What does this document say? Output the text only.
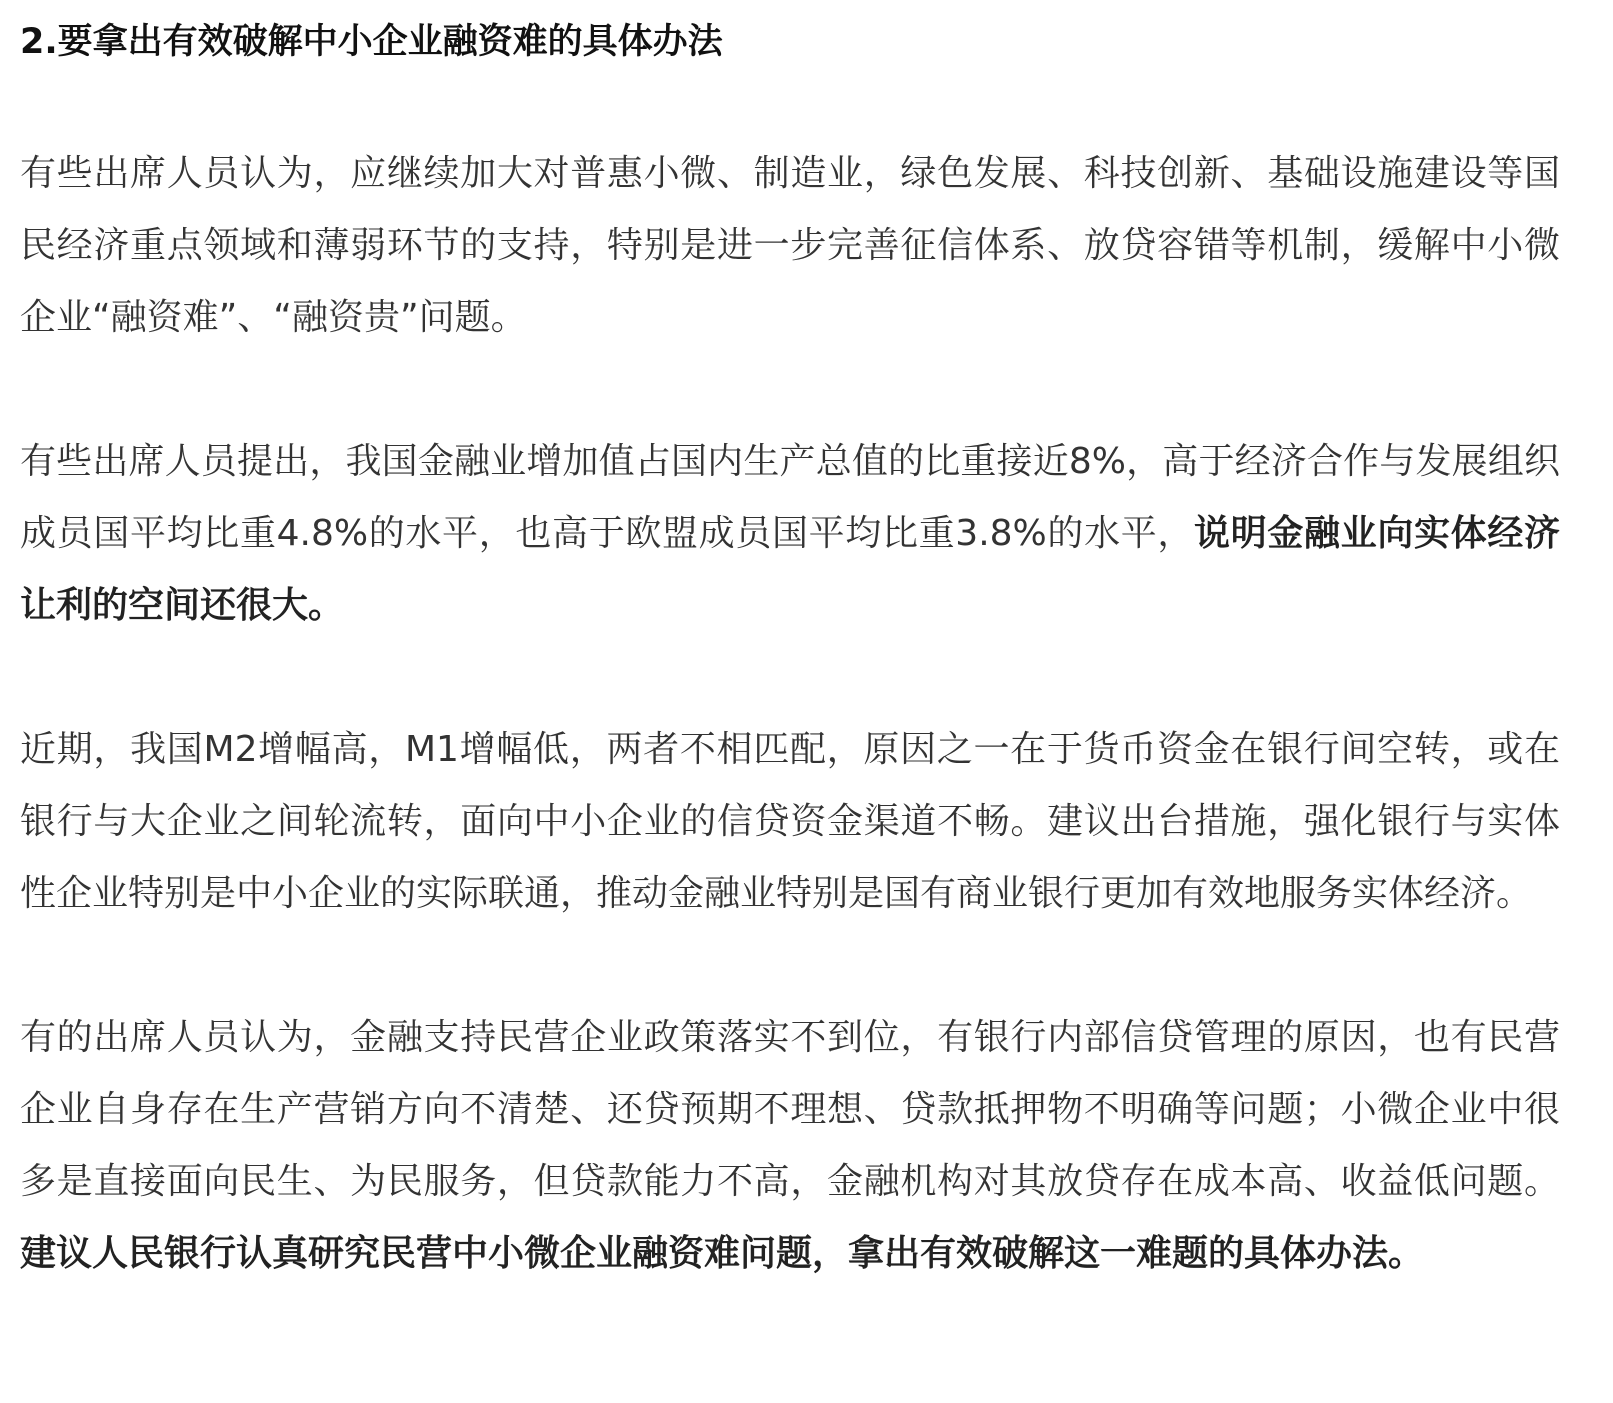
2.要拿出有效破解中小企业融资难的具体办法

有些出席人员认为，应继续加大对普惠小微、制造业，绿色发展、科技创新、基础设施建设等国民经济重点领域和薄弱环节的支持，特别是进一步完善征信体系、放贷容错等机制，缓解中小微企业“融资难”、“融资贵”问题。

有些出席人员提出，我国金融业增加值占国内生产总值的比重接近8%，高于经济合作与发展组织成员国平均比重4.8%的水平，也高于欧盟成员国平均比重3.8%的水平，说明金融业向实体经济让利的空间还很大。

近期，我国M2增幅高，M1增幅低，两者不相匹配，原因之一在于货币资金在银行间空转，或在银行与大企业之间轮流转，面向中小企业的信贷资金渠道不畅。建议出台措施，强化银行与实体性企业特别是中小企业的实际联通，推动金融业特别是国有商业银行更加有效地服务实体经济。

有的出席人员认为，金融支持民营企业政策落实不到位，有银行内部信贷管理的原因，也有民营企业自身存在生产营销方向不清楚、还贷预期不理想、贷款抵押物不明确等问题；小微企业中很多是直接面向民生、为民服务，但贷款能力不高，金融机构对其放贷存在成本高、收益低问题。建议人民银行认真研究民营中小微企业融资难问题，拿出有效破解这一难题的具体办法。
